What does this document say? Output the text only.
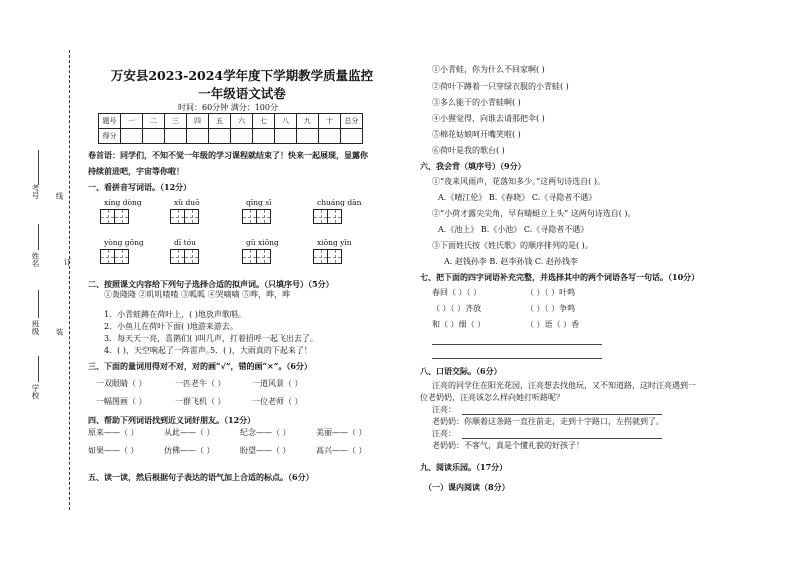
考号 线
姓名	订
班级 装
学校
万安县2023-2024学年度下学期教学质量监控
一年级语文试卷
时间：60分钟 满分：100分
题号	一	二	三	四	五	六	七	八	九	十	总分
得分											
卷首语：同学们，不知不觉一年级的学习课程就结束了！快来一起展现，显露你
持续前进吧，宇宙等你啦！
一、看拼音写词语。（12分）
xíng dòng	xǔ duō	qīng sī	chuáng dān
yòng gōng	dī tóu	gǔ xiōng	xiōng yǐn
二、按照课文内容给下列句子选择合适的拟声词。（只填序号）（5分）
①轰隆隆 ②叽叽喳喳 ③呱呱 ④哭嘀嘀 ⑤哗，哗，哗
1．小青蛙蹲在荷叶上，( )地放声歌唱。
2．小鱼儿在荷叶下面( )地游来游去。
3．每天天一亮，喜鹊们( )叫几声，打着招呼一起飞出去了。
4．( )，天空响起了一阵雷声。
5．( )，大雨真的下起来了！
三、下面的量词用得对不对，对的画“√”，错的画“×”。（6分）
一双眼睛（ ）	一匹老牛（ ）	一道风景（ ）
一幅图画（ ）	一群飞机（ ）	一位老师（ ）
四、帮助下列词语找到近义词好朋友。（12分）
原来——（ ）	从此——（ ）	纪念——（ ）	美丽——（ ）
如果——（ ）	仿佛——（ ）	盼望——（ ）	高兴——（ ）
五、读一读，然后根据句子表达的语气加上合适的标点。（6分）
①小青蛙，你为什么不回家啊( )
②荷叶下蹲着一只穿绿衣服的小青蛙( )
③多么能干的小青蛙啊( )
④小狸觉得，向谁去请那把伞( )
⑤棉花姑娘呵开嘴笑啦( )
⑥荷叶是我的歌台( )
六、我会背（填序号）（9分）
①“夜来风雨声，花落知多少。”这两句诗选自( )。
A.《晴江伦》 B.《春晓》 C.《寻隐者不遇》
②“小荷才露尖尖角，早有蜻蜓立上头” 这两句诗选自( )。
A.《池上》 B.《小池》 C.《寻隐者不遇》
③下面姓氏按《姓氏歌》的顺序排列的是( )。
A. 赵钱孙李 B. 赵李孙钱 C. 赵孙钱李
七、把下面的四字词语补充完整，并选择其中的两个词语各写一句话。（10分）
春回（ ）（ ）	（ ）（ ）叶鸣
（ ）（ ）齐放	（ ）（ ）争鸣
和（ ）细（ ）	（ ）语（ ）香
八、口语交际。（6分）
汪亮的同学住在阳光花园，汪亮想去找他玩，又不知道路，这时汪亮遇到一
位老奶奶，汪亮该怎么样向她打听路呢？
汪亮：
老奶奶：你顺着这条路一直往前走，走到十字路口，左拐就到了。
汪亮：
老奶奶：不客气，真是个懂礼貌的好孩子！
九、阅读乐园。（17分）
（一）课内阅读（8分）
